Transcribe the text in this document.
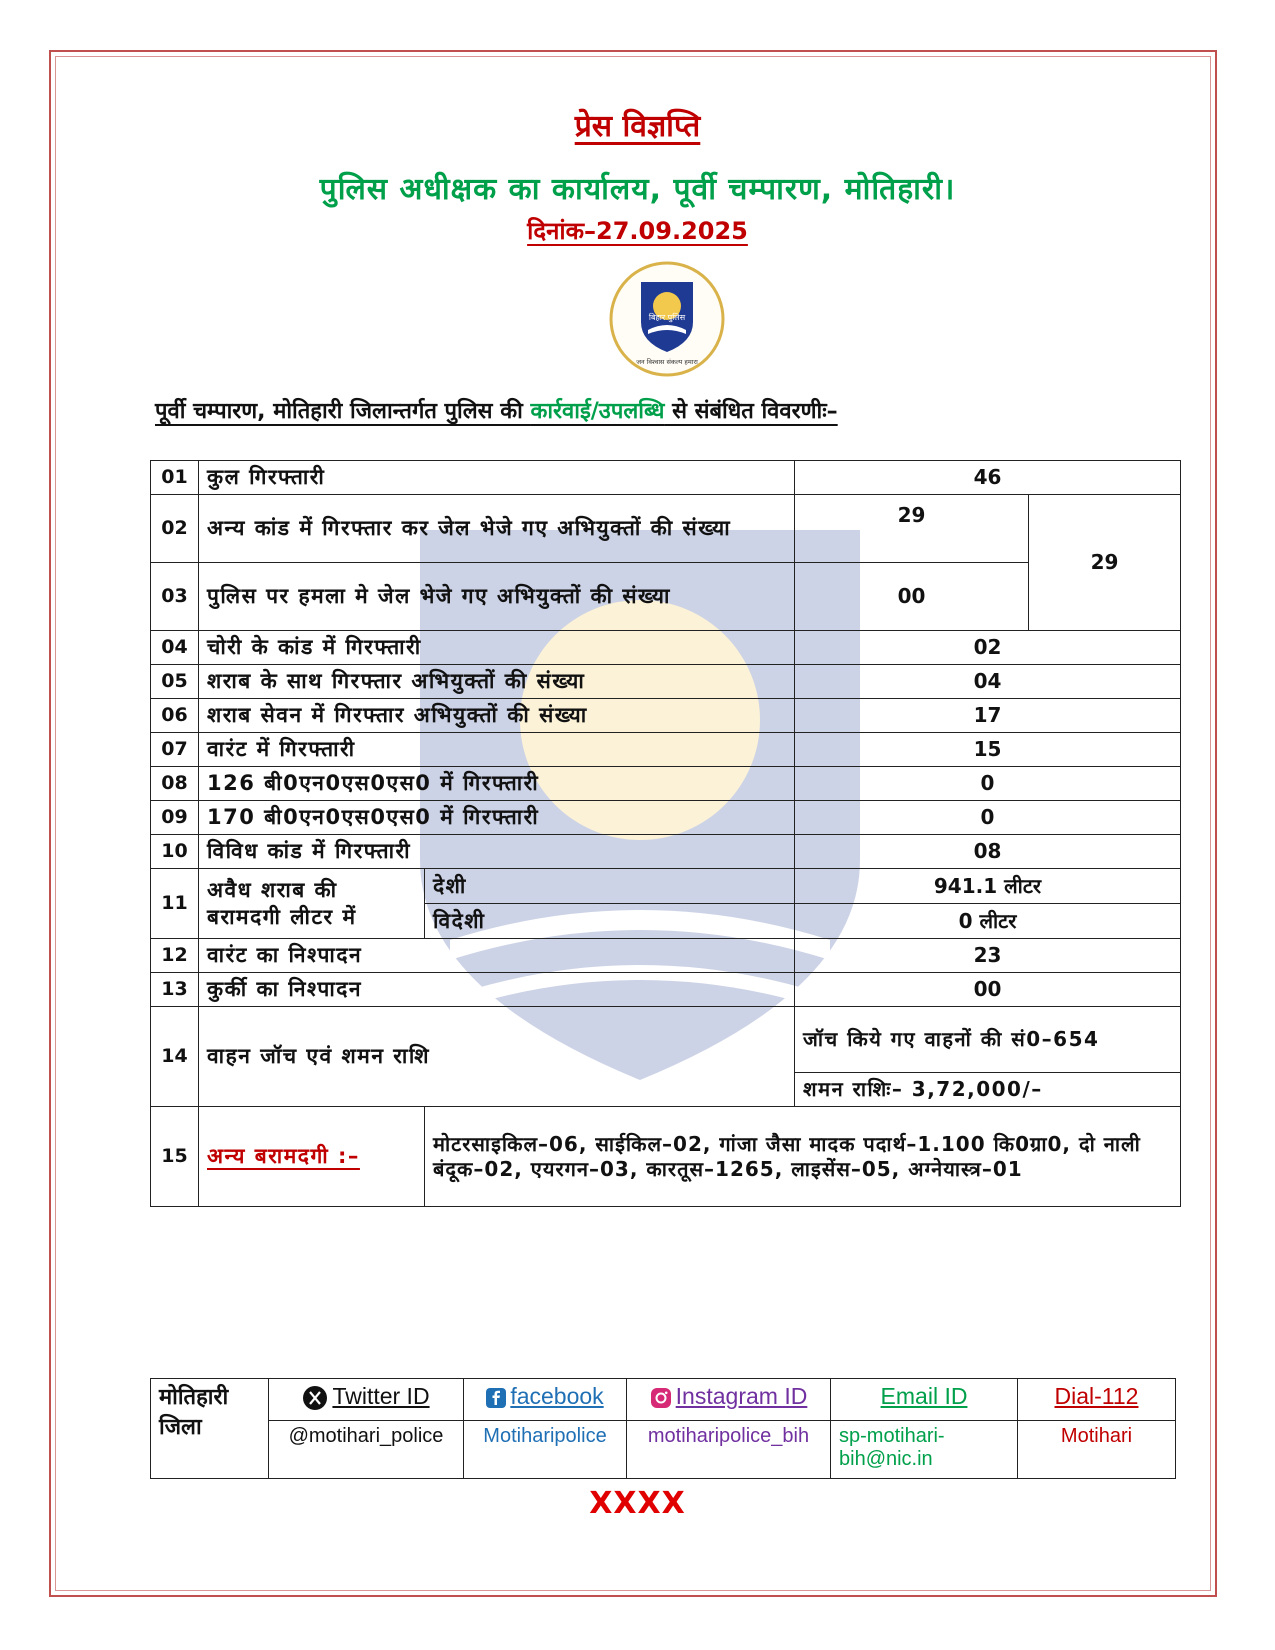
प्रेस विज्ञप्ति
पुलिस अधीक्षक का कार्यालय, पूर्वी चम्पारण, मोतिहारी।
दिनांक–27.09.2025
बिहार पुलिस
जन विश्वास संकल्प हमारा
पूर्वी चम्पारण, मोतिहारी जिलान्तर्गत पुलिस की कार्रवाई/उपलब्धि से संबंधित विवरणीः–
01	कुल गिरफ्तारी		46	
02	अन्य कांड में गिरफ्तार कर जेल भेजे गए अभियुक्तों की संख्या		29	29
03	पुलिस पर हमला मे जेल भेजे गए अभियुक्तों की संख्या		00	
04	चोरी के कांड में गिरफ्तारी		02	
05	शराब के साथ गिरफ्तार अभियुक्तों की संख्या		04	
06	शराब सेवन में गिरफ्तार अभियुक्तों की संख्या		17	
07	वारंट में गिरफ्तारी		15	
08	126 बी0एन0एस0एस0 में गिरफ्तारी		0	
09	170 बी0एन0एस0एस0 में गिरफ्तारी		0	
10	विविध कांड में गिरफ्तारी		08	
11	अवैध शराब की बरामदगी लीटर में	देशी	941.1 लीटर	
		विदेशी	0 लीटर	
12	वारंट का निश्पादन		23	
13	कुर्की का निश्पादन		00	
14	वाहन जॉच एवं शमन राशि		जॉच किये गए वाहनों की सं0–654	
			शमन राशिः– 3,72,000/–	
15	अन्य बरामदगी :–	मोटरसाइकिल–06, साईकिल–02, गांजा जैसा मादक पदार्थ–1.100 कि0ग्रा0, दो नाली बंदूक–02, एयरगन–03, कारतूस–1265, लाइसेंस–05, अग्नेयास्त्र–01		
मोतिहारी जिला	Twitter ID	facebook	Instagram ID	Email ID	Dial-112
	@motihari_police	Motiharipolice	motiharipolice_bih	sp-motihari-bih@nic.in	Motihari
XXXX
